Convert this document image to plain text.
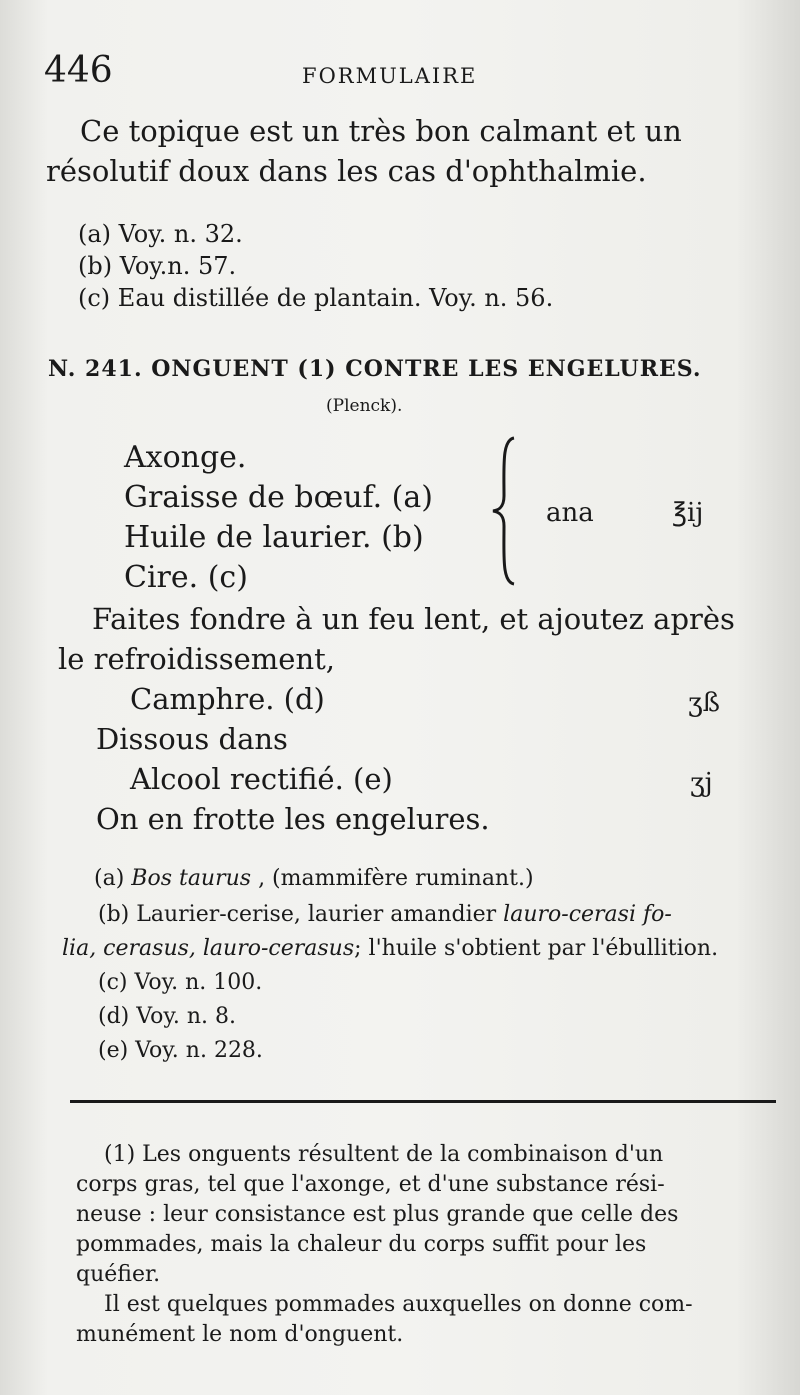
446	FORMULAIRE
Ce topique est un très bon calmant et un
résolutif doux dans les cas d'ophthalmie.
(a) Voy. n. 32.
(b) Voy.n. 57.
(c) Eau distillée de plantain. Voy. n. 56.
N. 241. ONGUENT (1) CONTRE LES ENGELURES.
(Plenck).
Axonge.
Graisse de bœuf. (a)
Huile de laurier. (b)
Cire. (c)
ana	℥ij
Faites fondre à un feu lent, et ajoutez après
le refroidissement,
Camphre. (d)	ʒß
Dissous dans
Alcool rectifié. (e)	ʒj
On en frotte les engelures.
(a) Bos taurus , (mammifère ruminant.)
(b) Laurier-cerise, laurier amandier lauro-cerasi fo-
lia, cerasus, lauro-cerasus; l'huile s'obtient par l'ébullition.
(c) Voy. n. 100.
(d) Voy. n. 8.
(e) Voy. n. 228.
(1) Les onguents résultent de la combinaison d'un
corps gras, tel que l'axonge, et d'une substance rési-
neuse : leur consistance est plus grande que celle des
pommades, mais la chaleur du corps suffit pour les
quéfier.
Il est quelques pommades auxquelles on donne com-
munément le nom d'onguent.
